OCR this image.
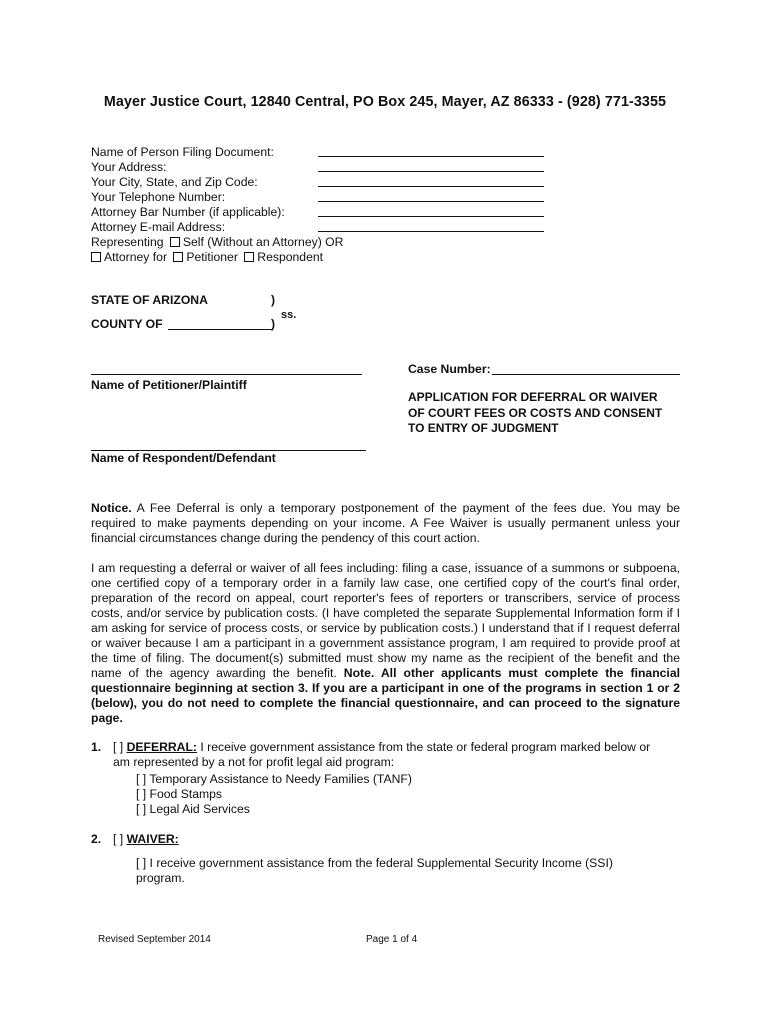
Mayer Justice Court, 12840 Central, PO Box 245, Mayer, AZ 86333 - (928) 771-3355
Name of Person Filing Document:
Your Address:
Your City, State, and Zip Code:
Your Telephone Number:
Attorney Bar Number (if applicable):
Attorney E-mail Address:
Representing Self (Without an Attorney) OR
Attorney for Petitioner Respondent
STATE OF ARIZONA	)
ss.
COUNTY OF	)
Name of Petitioner/Plaintiff
Name of Respondent/Defendant
Case Number:
APPLICATION FOR DEFERRAL OR WAIVER
OF COURT FEES OR COSTS AND CONSENT
TO ENTRY OF JUDGMENT
Notice. A Fee Deferral is only a temporary postponement of the payment of the fees due. You may be required to make payments depending on your income. A Fee Waiver is usually permanent unless your financial circumstances change during the pendency of this court action.
I am requesting a deferral or waiver of all fees including: filing a case, issuance of a summons or subpoena, one certified copy of a temporary order in a family law case, one certified copy of the court's final order, preparation of the record on appeal, court reporter's fees of reporters or transcribers, service of process costs, and/or service by publication costs. (I have completed the separate Supplemental Information form if I am asking for service of process costs, or service by publication costs.) I understand that if I request deferral or waiver because I am a participant in a government assistance program, I am required to provide proof at the time of filing. The document(s) submitted must show my name as the recipient of the benefit and the name of the agency awarding the benefit. Note. All other applicants must complete the financial questionnaire beginning at section 3. If you are a participant in one of the programs in section 1 or 2 (below), you do not need to complete the financial questionnaire, and can proceed to the signature page.
1. [ ] DEFERRAL: I receive government assistance from the state or federal program marked below or
am represented by a not for profit legal aid program:
[ ] Temporary Assistance to Needy Families (TANF)
[ ] Food Stamps
[ ] Legal Aid Services
2. [ ] WAIVER:
[ ] I receive government assistance from the federal Supplemental Security Income (SSI)
program.
Revised September 2014	Page 1 of 4
